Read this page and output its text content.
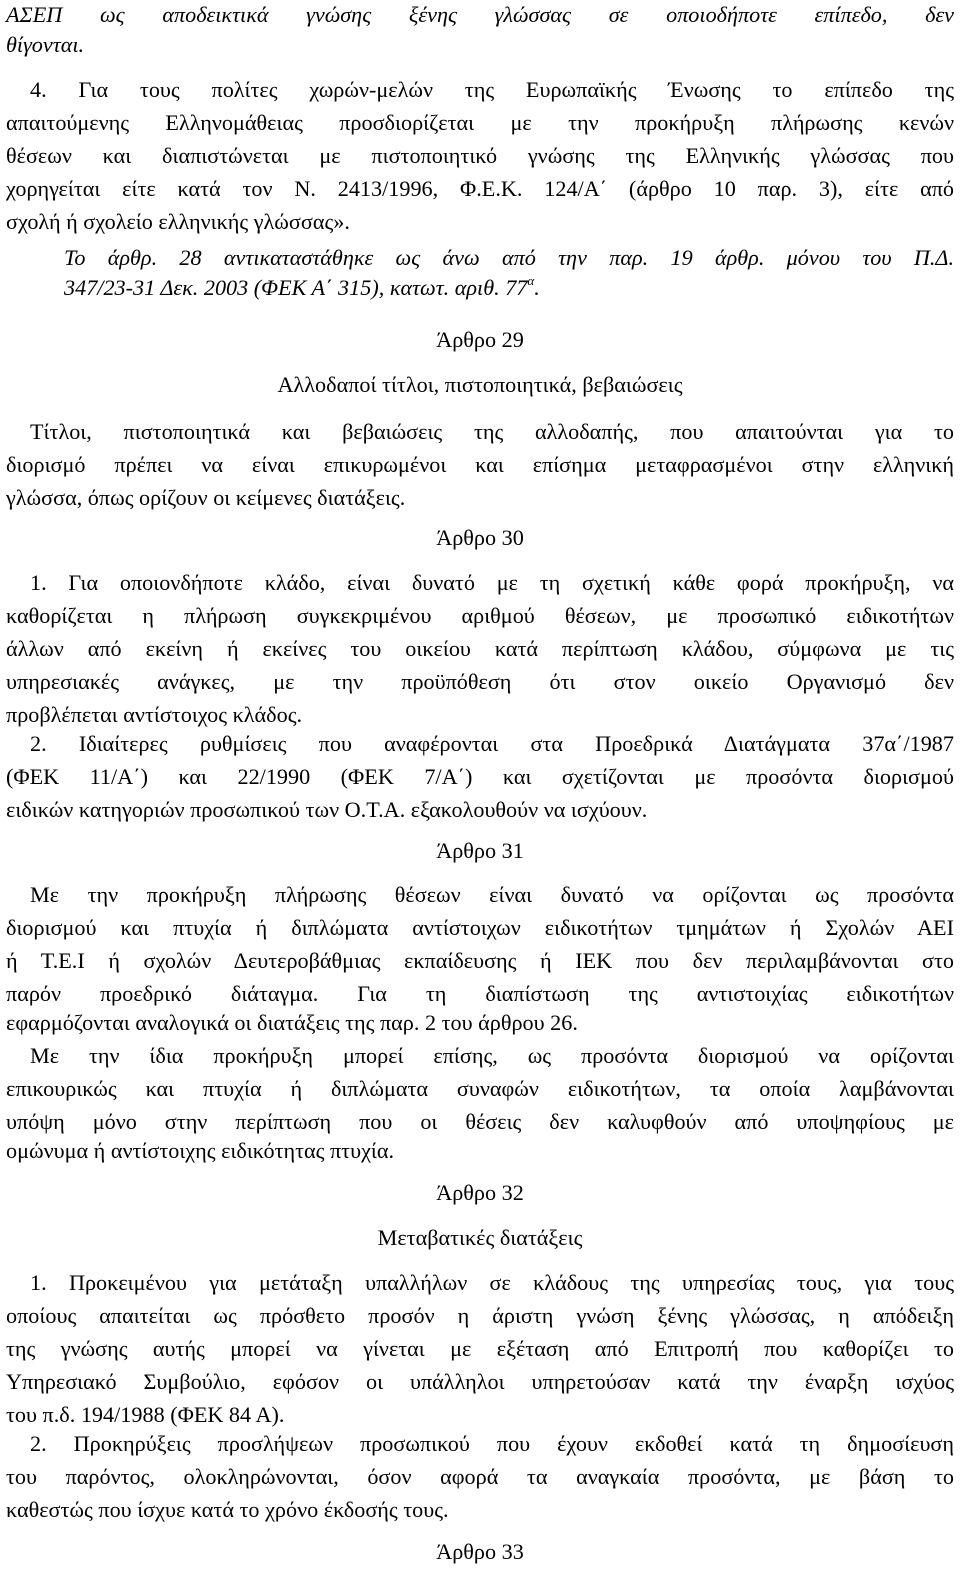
ΑΣΕΠ ως αποδεικτικά γνώσης ξένης γλώσσας σε οποιοδήποτε επίπεδο, δεν
θίγονται.
4. Για τους πολίτες χωρών-μελών της Ευρωπαϊκής Ένωσης το επίπεδο της
απαιτούμενης Ελληνομάθειας προσδιορίζεται με την προκήρυξη πλήρωσης κενών
θέσεων και διαπιστώνεται με πιστοποιητικό γνώσης της Ελληνικής γλώσσας που
χορηγείται είτε κατά τον Ν. 2413/1996, Φ.Ε.Κ. 124/Α΄ (άρθρο 10 παρ. 3), είτε από
σχολή ή σχολείο ελληνικής γλώσσας».
Το άρθρ. 28 αντικαταστάθηκε ως άνω από την παρ. 19 άρθρ. μόνου του Π.Δ.
347/23-31 Δεκ. 2003 (ΦΕΚ Α΄ 315), κατωτ. αριθ. $77^\alpha$.
Άρθρο 29
Αλλοδαποί τίτλοι, πιστοποιητικά, βεβαιώσεις
Τίτλοι, πιστοποιητικά και βεβαιώσεις της αλλοδαπής, που απαιτούνται για το
διορισμό πρέπει να είναι επικυρωμένοι και επίσημα μεταφρασμένοι στην ελληνική
γλώσσα, όπως ορίζουν οι κείμενες διατάξεις.
Άρθρο 30
1. Για οποιονδήποτε κλάδο, είναι δυνατό με τη σχετική κάθε φορά προκήρυξη, να
καθορίζεται η πλήρωση συγκεκριμένου αριθμού θέσεων, με προσωπικό ειδικοτήτων
άλλων από εκείνη ή εκείνες του οικείου κατά περίπτωση κλάδου, σύμφωνα με τις
υπηρεσιακές ανάγκες, με την προϋπόθεση ότι στον οικείο Οργανισμό δεν
προβλέπεται αντίστοιχος κλάδος.
2. Ιδιαίτερες ρυθμίσεις που αναφέρονται στα Προεδρικά Διατάγματα 37α΄/1987
(ΦΕΚ 11/Α΄) και 22/1990 (ΦΕΚ 7/Α΄) και σχετίζονται με προσόντα διορισμού
ειδικών κατηγοριών προσωπικού των Ο.Τ.Α. εξακολουθούν να ισχύουν.
Άρθρο 31
Με την προκήρυξη πλήρωσης θέσεων είναι δυνατό να ορίζονται ως προσόντα
διορισμού και πτυχία ή διπλώματα αντίστοιχων ειδικοτήτων τμημάτων ή Σχολών ΑΕΙ
ή Τ.Ε.Ι ή σχολών Δευτεροβάθμιας εκπαίδευσης ή ΙΕΚ που δεν περιλαμβάνονται στο
παρόν προεδρικό διάταγμα. Για τη διαπίστωση της αντιστοιχίας ειδικοτήτων
εφαρμόζονται αναλογικά οι διατάξεις της παρ. 2 του άρθρου 26.
Με την ίδια προκήρυξη μπορεί επίσης, ως προσόντα διορισμού να ορίζονται
επικουρικώς και πτυχία ή διπλώματα συναφών ειδικοτήτων, τα οποία λαμβάνονται
υπόψη μόνο στην περίπτωση που οι θέσεις δεν καλυφθούν από υποψηφίους με
ομώνυμα ή αντίστοιχης ειδικότητας πτυχία.
Άρθρο 32
Μεταβατικές διατάξεις
1. Προκειμένου για μετάταξη υπαλλήλων σε κλάδους της υπηρεσίας τους, για τους
οποίους απαιτείται ως πρόσθετο προσόν η άριστη γνώση ξένης γλώσσας, η απόδειξη
της γνώσης αυτής μπορεί να γίνεται με εξέταση από Επιτροπή που καθορίζει το
Υπηρεσιακό Συμβούλιο, εφόσον οι υπάλληλοι υπηρετούσαν κατά την έναρξη ισχύος
του π.δ. 194/1988 (ΦΕΚ 84 Α).
2. Προκηρύξεις προσλήψεων προσωπικού που έχουν εκδοθεί κατά τη δημοσίευση
του παρόντος, ολοκληρώνονται, όσον αφορά τα αναγκαία προσόντα, με βάση το
καθεστώς που ίσχυε κατά το χρόνο έκδοσής τους.
Άρθρο 33
